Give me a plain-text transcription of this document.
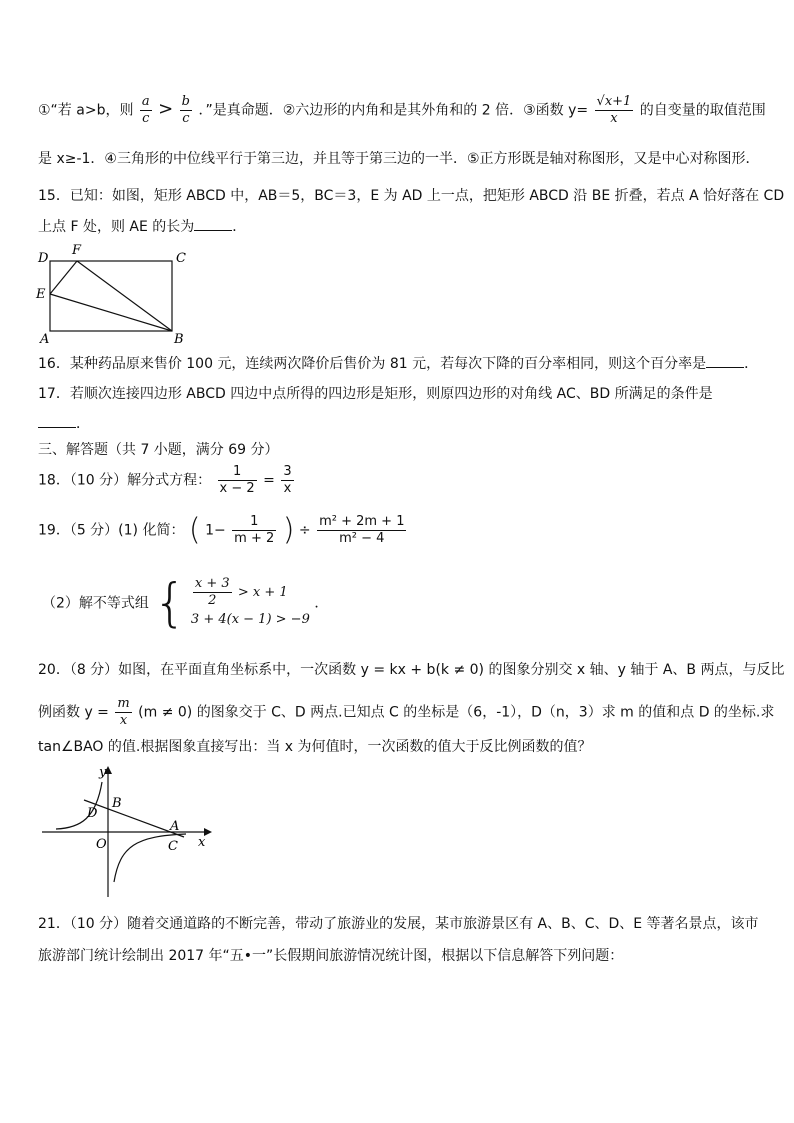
①“若 a>b，则 $\frac{a}{c} > \frac{b}{c}$ ．”是真命题．②六边形的内角和是其外角和的 2 倍．③函数 $y= \frac{√x+1}{x}$ 的自变量的取值范围
是 x≥-1．④三角形的中位线平行于第三边，并且等于第三边的一半．⑤正方形既是轴对称图形，又是中心对称图形．
15．已知：如图，矩形 ABCD 中，AB＝5，BC＝3，E 为 AD 上一点，把矩形 ABCD 沿 BE 折叠，若点 A 恰好落在 CD
上点 F 处，则 AE 的长为	．
D
F
C
E
A	B
16．某种药品原来售价 100 元，连续两次降价后售价为 81 元，若每次下降的百分率相同，则这个百分率是	．
17．若顺次连接四边形 ABCD 四边中点所得的四边形是矩形，则原四边形的对角线 AC、BD 所满足的条件是
．
三、解答题（共 7 小题，满分 69 分）
18．（10 分）解分式方程： $\frac{1}{x - 2} = \frac{3}{x}$
19．（5 分）(1) 化简： ( $1- \frac{1}{m + 2}$ ) ÷ $\frac{\text{m² + 2m + 1}}{\text{m² − 4}}$
（2）解不等式组 { $\frac{x + 3}{2} > x + 1$
3 + 4(x − 1) > −9
．
20．（8 分）如图，在平面直角坐标系中，一次函数 y = kx + b(k ≠ 0) 的图象分别交 x 轴、y 轴于 A、B 两点，与反比
例函数 $y = \frac{m}{x} (m \ne 0)$ 的图象交于 C、D 两点.已知点 C 的坐标是（6，-1），D（n，3）求 m 的值和点 D 的坐标.求
tan∠BAO 的值.根据图象直接写出：当 x 为何值时，一次函数的值大于反比例函数的值？
y
x
O
A
B
C
D
21．（10 分）随着交通道路的不断完善，带动了旅游业的发展，某市旅游景区有 A、B、C、D、E 等著名景点，该市
旅游部门统计绘制出 2017 年“五•一”长假期间旅游情况统计图，根据以下信息解答下列问题：
